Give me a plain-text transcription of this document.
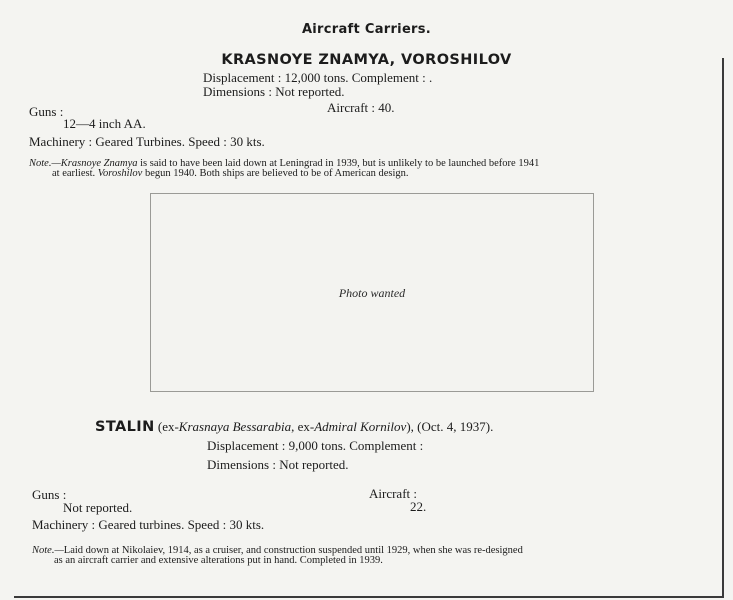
Aircraft Carriers.
KRASNOYE ZNAMYA, VOROSHILOV
Displacement : 12,000 tons. Complement : .
Dimensions : Not reported.
Guns :	Aircraft : 40.
12—4 inch AA.
Machinery : Geared Turbines. Speed : 30 kts.
Note.—Krasnoye Znamya is said to have been laid down at Leningrad in 1939, but is unlikely to be launched before 1941
at earliest. Voroshilov begun 1940. Both ships are believed to be of American design.
Photo wanted
STALIN (ex-Krasnaya Bessarabia, ex-Admiral Kornilov), (Oct. 4, 1937).
Displacement : 9,000 tons. Complement :
Dimensions : Not reported.
Guns :	Aircraft :
Not reported.	22.
Machinery : Geared turbines. Speed : 30 kts.
Note.—Laid down at Nikolaiev, 1914, as a cruiser, and construction suspended until 1929, when she was re-designed
as an aircraft carrier and extensive alterations put in hand. Completed in 1939.
